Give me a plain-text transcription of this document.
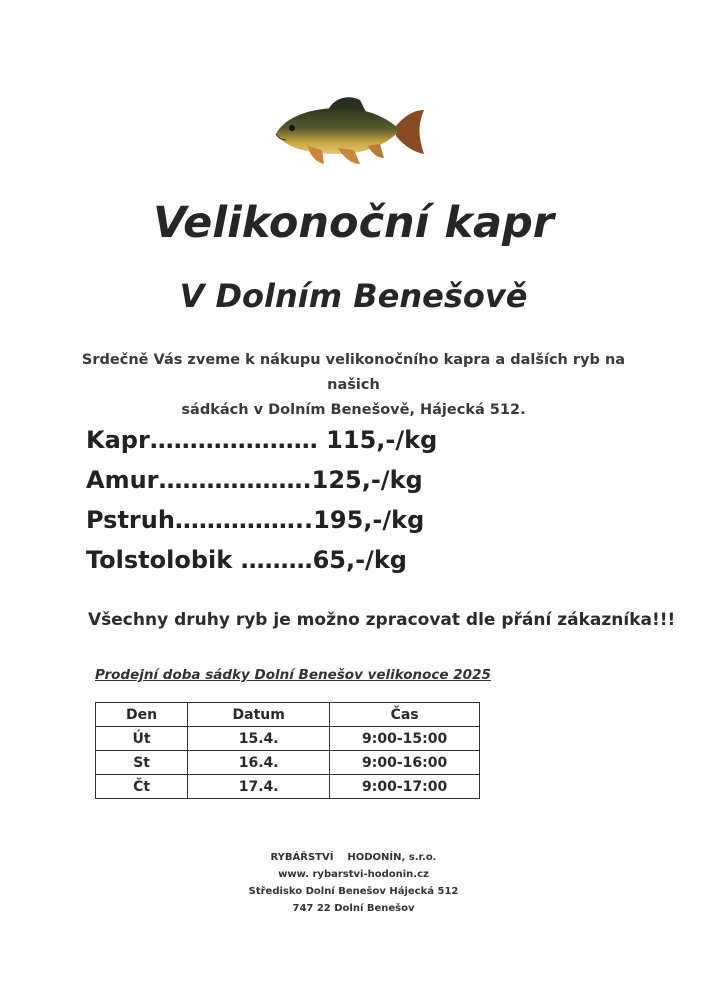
Velikonoční kapr
V Dolním Benešově
Srdečně Vás zveme k nákupu velikonočního kapra a dalších ryb na našich
sádkách v Dolním Benešově, Hájecká 512.
Kapr………………… 115,-/kg
Amur……………….125,-/kg
Pstruh……………..195,-/kg
Tolstolobik ………65,-/kg
Všechny druhy ryb je možno zpracovat dle přání zákazníka!!!
Prodejní doba sádky Dolní Benešov velikonoce 2025
Den	Datum	Čas
Út	15.4.	9:00-15:00
St	16.4.	9:00-16:00
Čt	17.4.	9:00-17:00
RYBÁŘSTVÍ    HODONÍN, s.r.o.
www. rybarstvi-hodonin.cz
Středisko Dolní Benešov Hájecká 512
747 22 Dolní Benešov
